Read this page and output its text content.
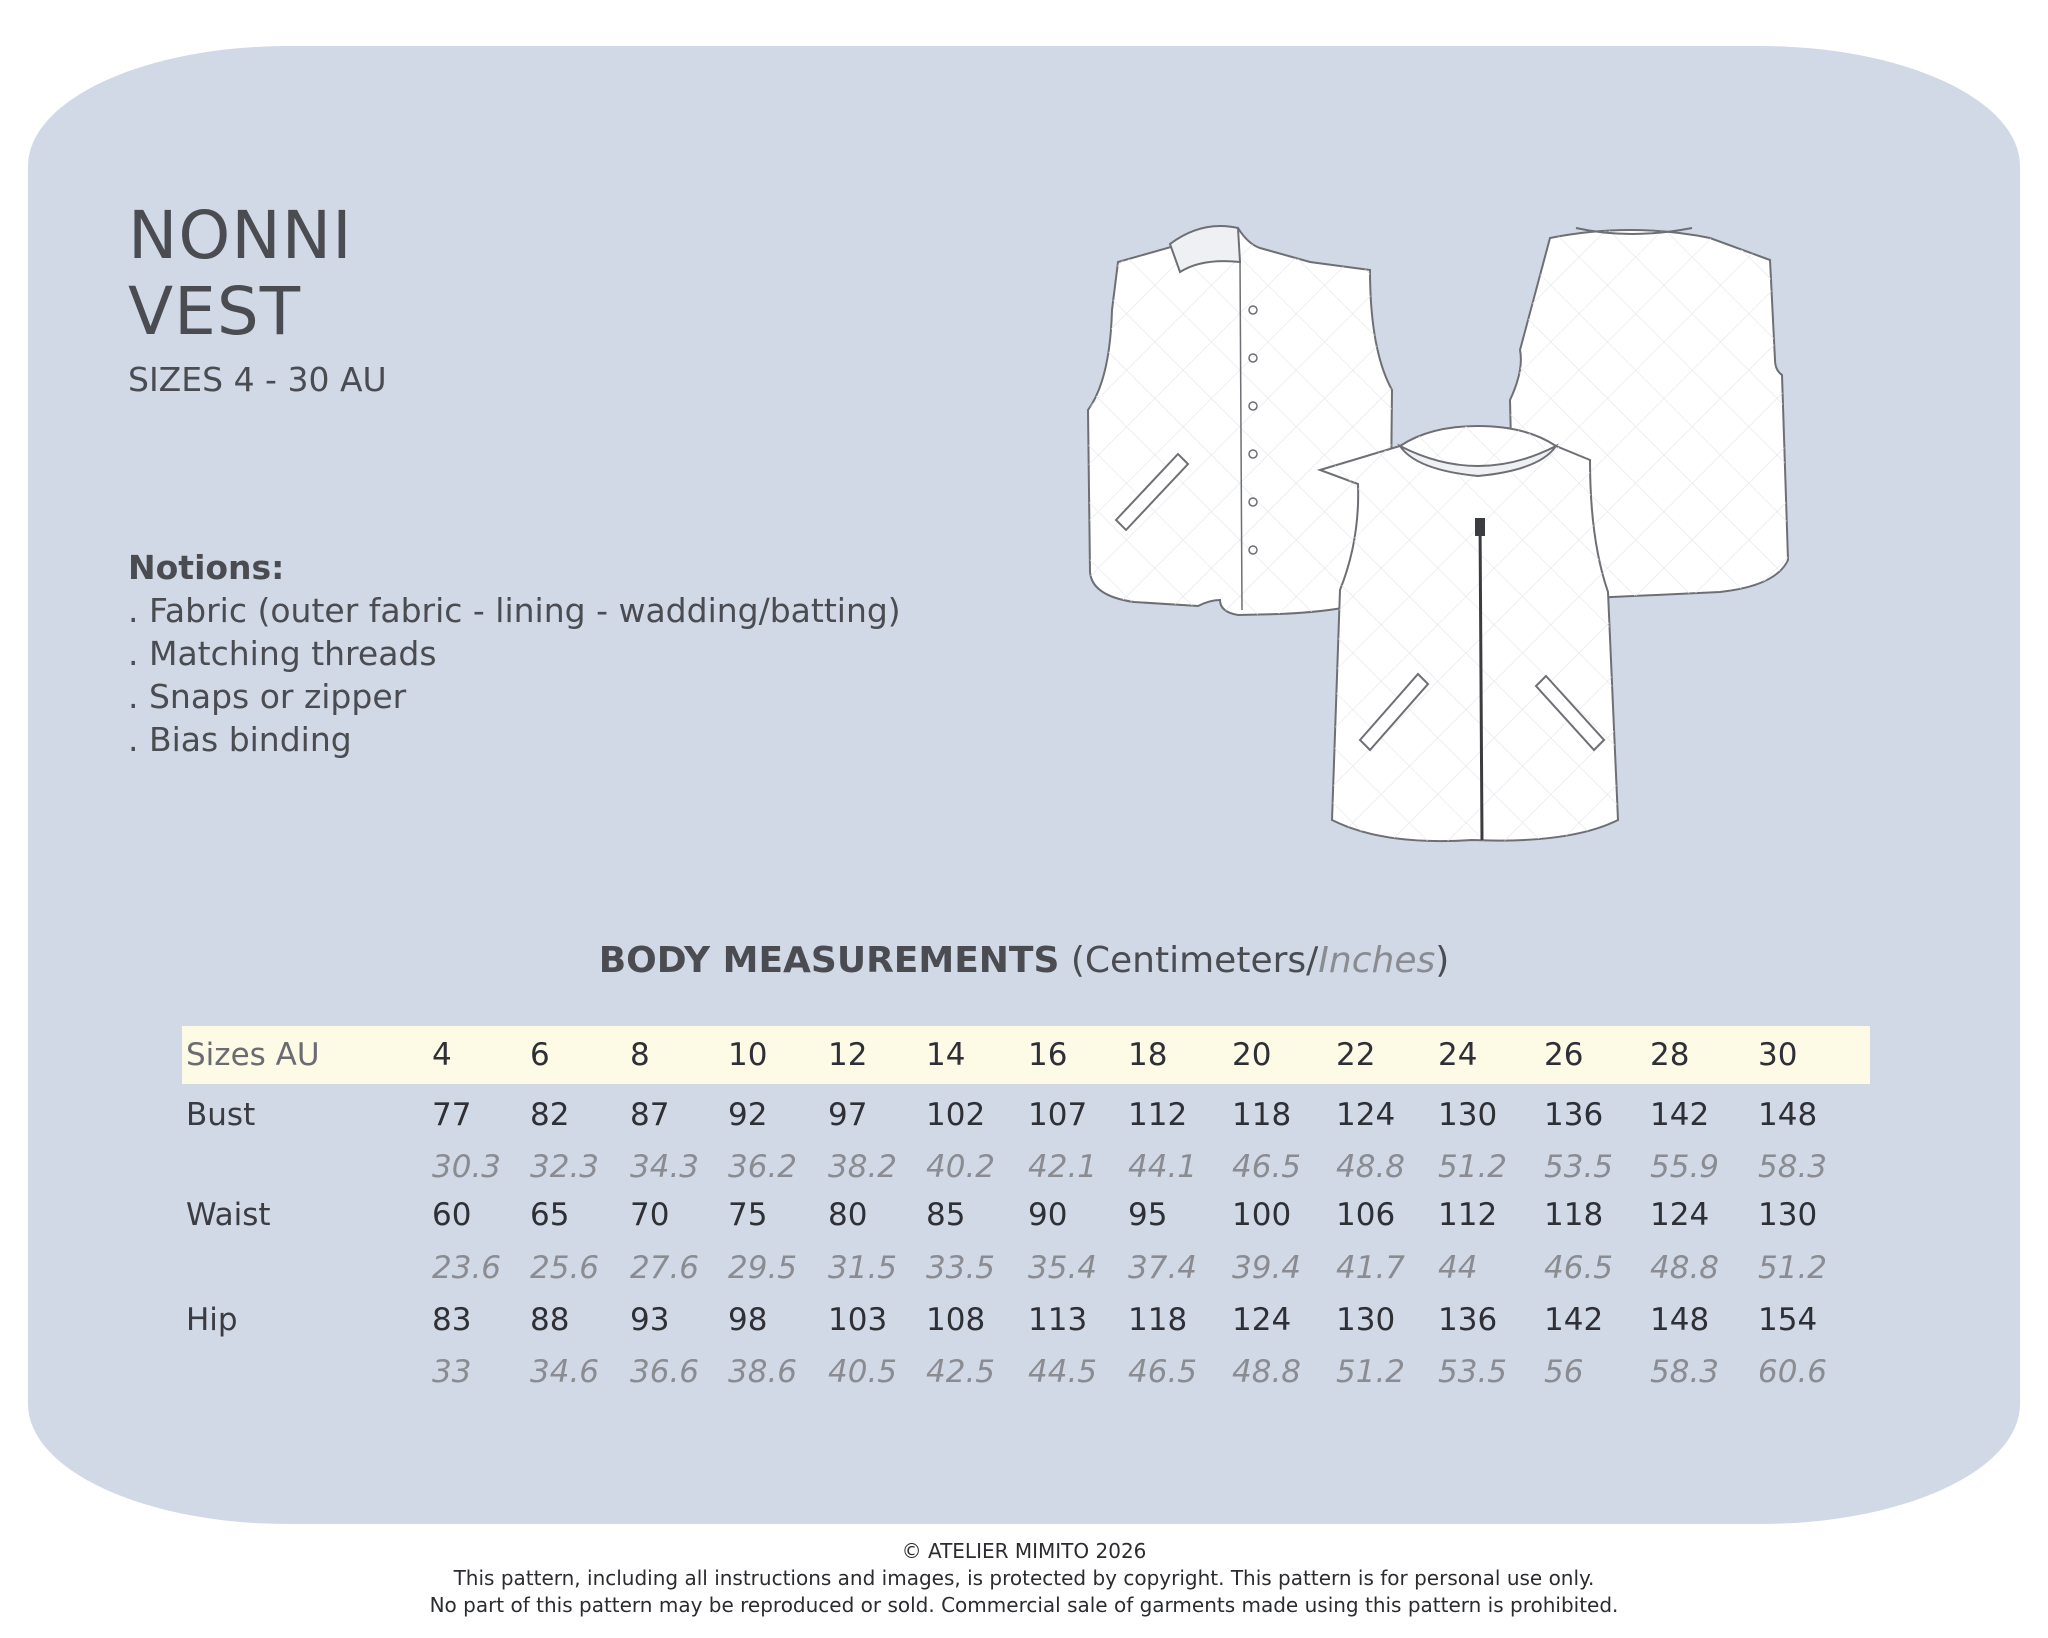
NONNI
VEST
SIZES 4 - 30 AU
Notions:
. Fabric (outer fabric - lining - wadding/batting)
. Matching threads
. Snaps or zipper
. Bias binding
BODY MEASUREMENTS (Centimeters/Inches)
Sizes AU	4	6	8	10 12 14 16 18 20 22 24 26 28 30
Bust	77 82 87 92 97 102 107 112 118 124 130 136 142 148
30.3 32.3 34.3 36.2 38.2 40.2 42.1 44.1 46.5 48.8 51.2 53.5 55.9 58.3
Waist	60 65 70 75 80 85 90 95 100 106 112 118 124 130
23.6 25.6 27.6 29.5 31.5 33.5 35.4 37.4 39.4 41.7 44 46.5 48.8 51.2
Hip	83 88 93 98 103 108 113 118 124 130 136 142 148 154
33 34.6 36.6 38.6 40.5 42.5 44.5 46.5 48.8 51.2 53.5 56 58.3 60.6
© ATELIER MIMITO 2026
This pattern, including all instructions and images, is protected by copyright. This pattern is for personal use only.
No part of this pattern may be reproduced or sold. Commercial sale of garments made using this pattern is prohibited.
